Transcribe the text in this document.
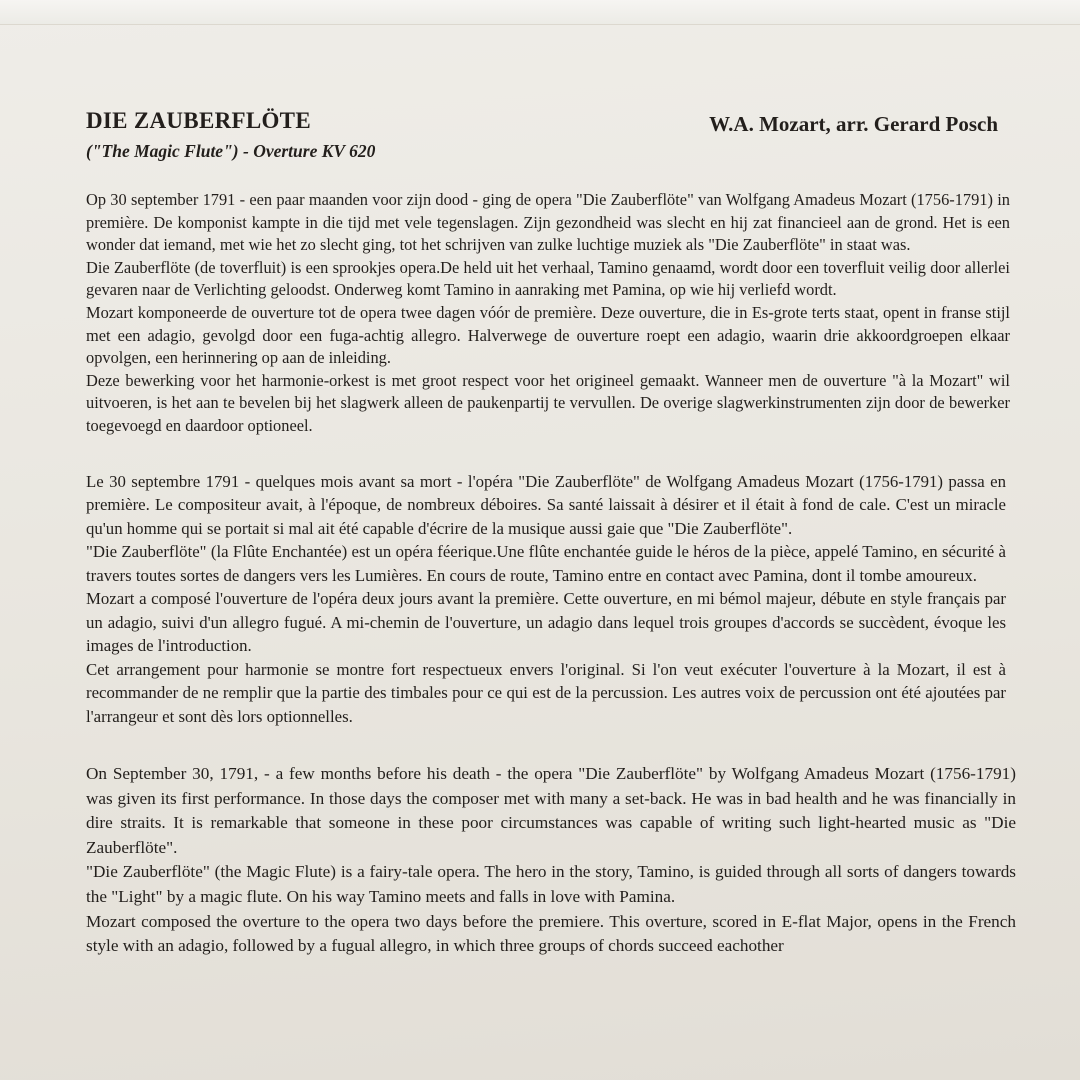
DIE ZAUBERFLÖTE	W.A. Mozart, arr. Gerard Posch
("The Magic Flute") - Overture KV 620

Op 30 september 1791 - een paar maanden voor zijn dood - ging de opera "Die Zauberflöte" van Wolfgang Amadeus Mozart (1756-1791) in première. De komponist kampte in die tijd met vele tegenslagen. Zijn gezondheid was slecht en hij zat financieel aan de grond. Het is een wonder dat iemand, met wie het zo slecht ging, tot het schrijven van zulke luchtige muziek als "Die Zauberflöte" in staat was.

Die Zauberflöte (de toverfluit) is een sprookjes opera.De held uit het verhaal, Tamino genaamd, wordt door een toverfluit veilig door allerlei gevaren naar de Verlichting geloodst. Onderweg komt Tamino in aanraking met Pamina, op wie hij verliefd wordt.

Mozart komponeerde de ouverture tot de opera twee dagen vóór de première. Deze ouverture, die in Es-grote terts staat, opent in franse stijl met een adagio, gevolgd door een fuga-achtig allegro. Halverwege de ouverture roept een adagio, waarin drie akkoordgroepen elkaar opvolgen, een herinnering op aan de inleiding.

Deze bewerking voor het harmonie-orkest is met groot respect voor het origineel gemaakt. Wanneer men de ouverture "à la Mozart" wil uitvoeren, is het aan te bevelen bij het slagwerk alleen de paukenpartij te vervullen. De overige slagwerkinstrumenten zijn door de bewerker toegevoegd en daardoor optioneel.

Le 30 septembre 1791 - quelques mois avant sa mort - l'opéra "Die Zauberflöte" de Wolfgang Amadeus Mozart (1756-1791) passa en première. Le compositeur avait, à l'époque, de nombreux déboires. Sa santé laissait à désirer et il était à fond de cale. C'est un miracle qu'un homme qui se portait si mal ait été capable d'écrire de la musique aussi gaie que "Die Zauberflöte".

"Die Zauberflöte" (la Flûte Enchantée) est un opéra féerique.Une flûte enchantée guide le héros de la pièce, appelé Tamino, en sécurité à travers toutes sortes de dangers vers les Lumières. En cours de route, Tamino entre en contact avec Pamina, dont il tombe amoureux.

Mozart a composé l'ouverture de l'opéra deux jours avant la première. Cette ouverture, en mi bémol majeur, débute en style français par un adagio, suivi d'un allegro fugué. A mi-chemin de l'ouverture, un adagio dans lequel trois groupes d'accords se succèdent, évoque les images de l'introduction.

Cet arrangement pour harmonie se montre fort respectueux envers l'original. Si l'on veut exécuter l'ouverture à la Mozart, il est à recommander de ne remplir que la partie des timbales pour ce qui est de la percussion. Les autres voix de percussion ont été ajoutées par l'arrangeur et sont dès lors optionnelles.

On September 30, 1791, - a few months before his death - the opera "Die Zauberflöte" by Wolfgang Amadeus Mozart (1756-1791) was given its first performance. In those days the composer met with many a set-back. He was in bad health and he was financially in dire straits. It is remarkable that someone in these poor circumstances was capable of writing such light-hearted music as "Die Zauberflöte".

"Die Zauberflöte" (the Magic Flute) is a fairy-tale opera. The hero in the story, Tamino, is guided through all sorts of dangers towards the "Light" by a magic flute. On his way Tamino meets and falls in love with Pamina.

Mozart composed the overture to the opera two days before the premiere. This overture, scored in E-flat Major, opens in the French style with an adagio, followed by a fugual allegro, in which three groups of chords succeed eachother
